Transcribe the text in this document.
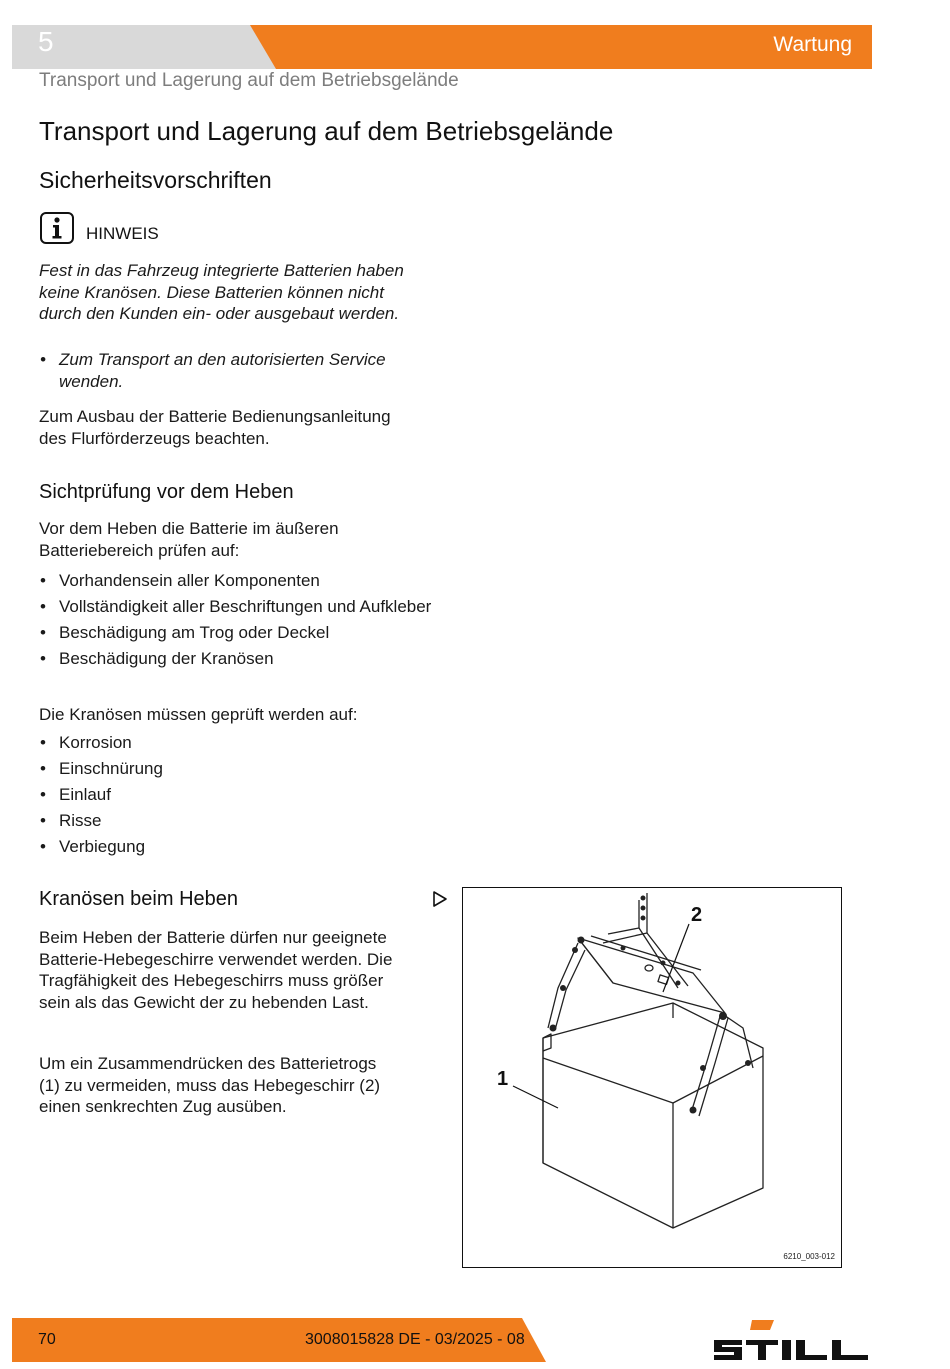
5	Wartung
Transport und Lagerung auf dem Betriebsgelände
Transport und Lagerung auf dem Betriebsgelände
Sicherheitsvorschriften
HINWEIS

Fest in das Fahrzeug integrierte Batterien haben keine Kranösen. Diese Batterien können nicht durch den Kunden ein- oder ausgebaut werden.

• Zum Transport an den autorisierten Service wenden.

Zum Ausbau der Batterie Bedienungsanleitung des Flurförderzeugs beachten.

Sichtprüfung vor dem Heben

Vor dem Heben die Batterie im äußeren Batteriebereich prüfen auf:

• Vorhandensein aller Komponenten
• Vollständigkeit aller Beschriftungen und Aufkleber
• Beschädigung am Trog oder Deckel
• Beschädigung der Kranösen

Die Kranösen müssen geprüft werden auf:

• Korrosion
• Einschnürung
• Einlauf
• Risse
• Verbiegung
Kranösen beim Heben

Beim Heben der Batterie dürfen nur geeignete Batterie-Hebegeschirre verwendet werden. Die Tragfähigkeit des Hebegeschirrs muss größer sein als das Gewicht der zu hebenden Last.

Um ein Zusammendrücken des Batterietrogs (1) zu vermeiden, muss das Hebegeschirr (2) einen senkrechten Zug ausüben.

2
1
6210_003-012
70	3008015828 DE - 03/2025 - 08
